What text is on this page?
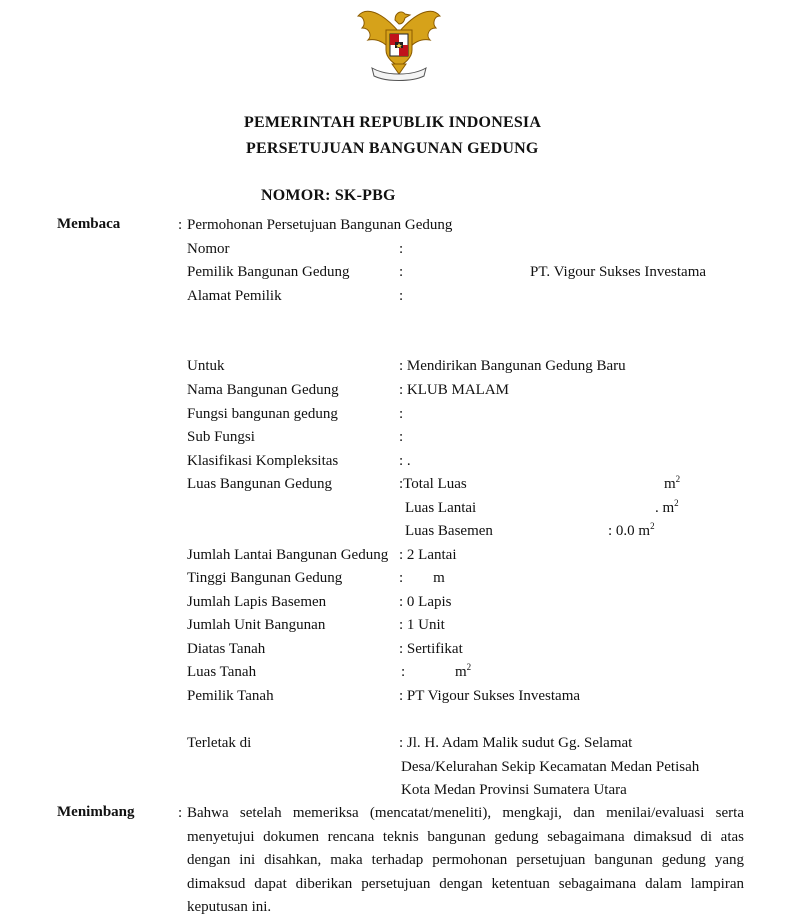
PEMERINTAH REPUBLIK INDONESIA
PERSETUJUAN BANGUNAN GEDUNG
NOMOR: SK-PBG
Membaca	: Permohonan Persetujuan Bangunan Gedung
Nomor	:
Pemilik Bangunan Gedung	:	PT. Vigour Sukses Investama
Alamat Pemilik	:
Untuk	: Mendirikan Bangunan Gedung Baru
Nama Bangunan Gedung	: KLUB MALAM
Fungsi bangunan gedung	:
Sub Fungsi	:
Klasifikasi Kompleksitas	: .
Luas Bangunan Gedung	:Total Luas	$m^2$
Luas Lantai	. $m^2$
Luas Basemen	: 0.0 $m^2$
Jumlah Lantai Bangunan Gedung : 2 Lantai
Tinggi Bangunan Gedung	:        m
Jumlah Lapis Basemen	: 0 Lapis
Jumlah Unit Bangunan	: 1 Unit
Diatas Tanah	: Sertifikat
Luas Tanah	:	$m^2$
Pemilik Tanah	: PT Vigour Sukses Investama
Terletak di	: Jl. H. Adam Malik sudut Gg. Selamat
Desa/Kelurahan Sekip Kecamatan Medan Petisah
Kota Medan Provinsi Sumatera Utara
Menimbang	: Bahwa setelah memeriksa (mencatat/meneliti), mengkaji, dan menilai/evaluasi serta
menyetujui dokumen rencana teknis bangunan gedung sebagaimana dimaksud di atas
dengan ini disahkan, maka terhadap permohonan persetujuan bangunan gedung yang
dimaksud dapat diberikan persetujuan dengan ketentuan sebagaimana dalam lampiran
keputusan ini.
